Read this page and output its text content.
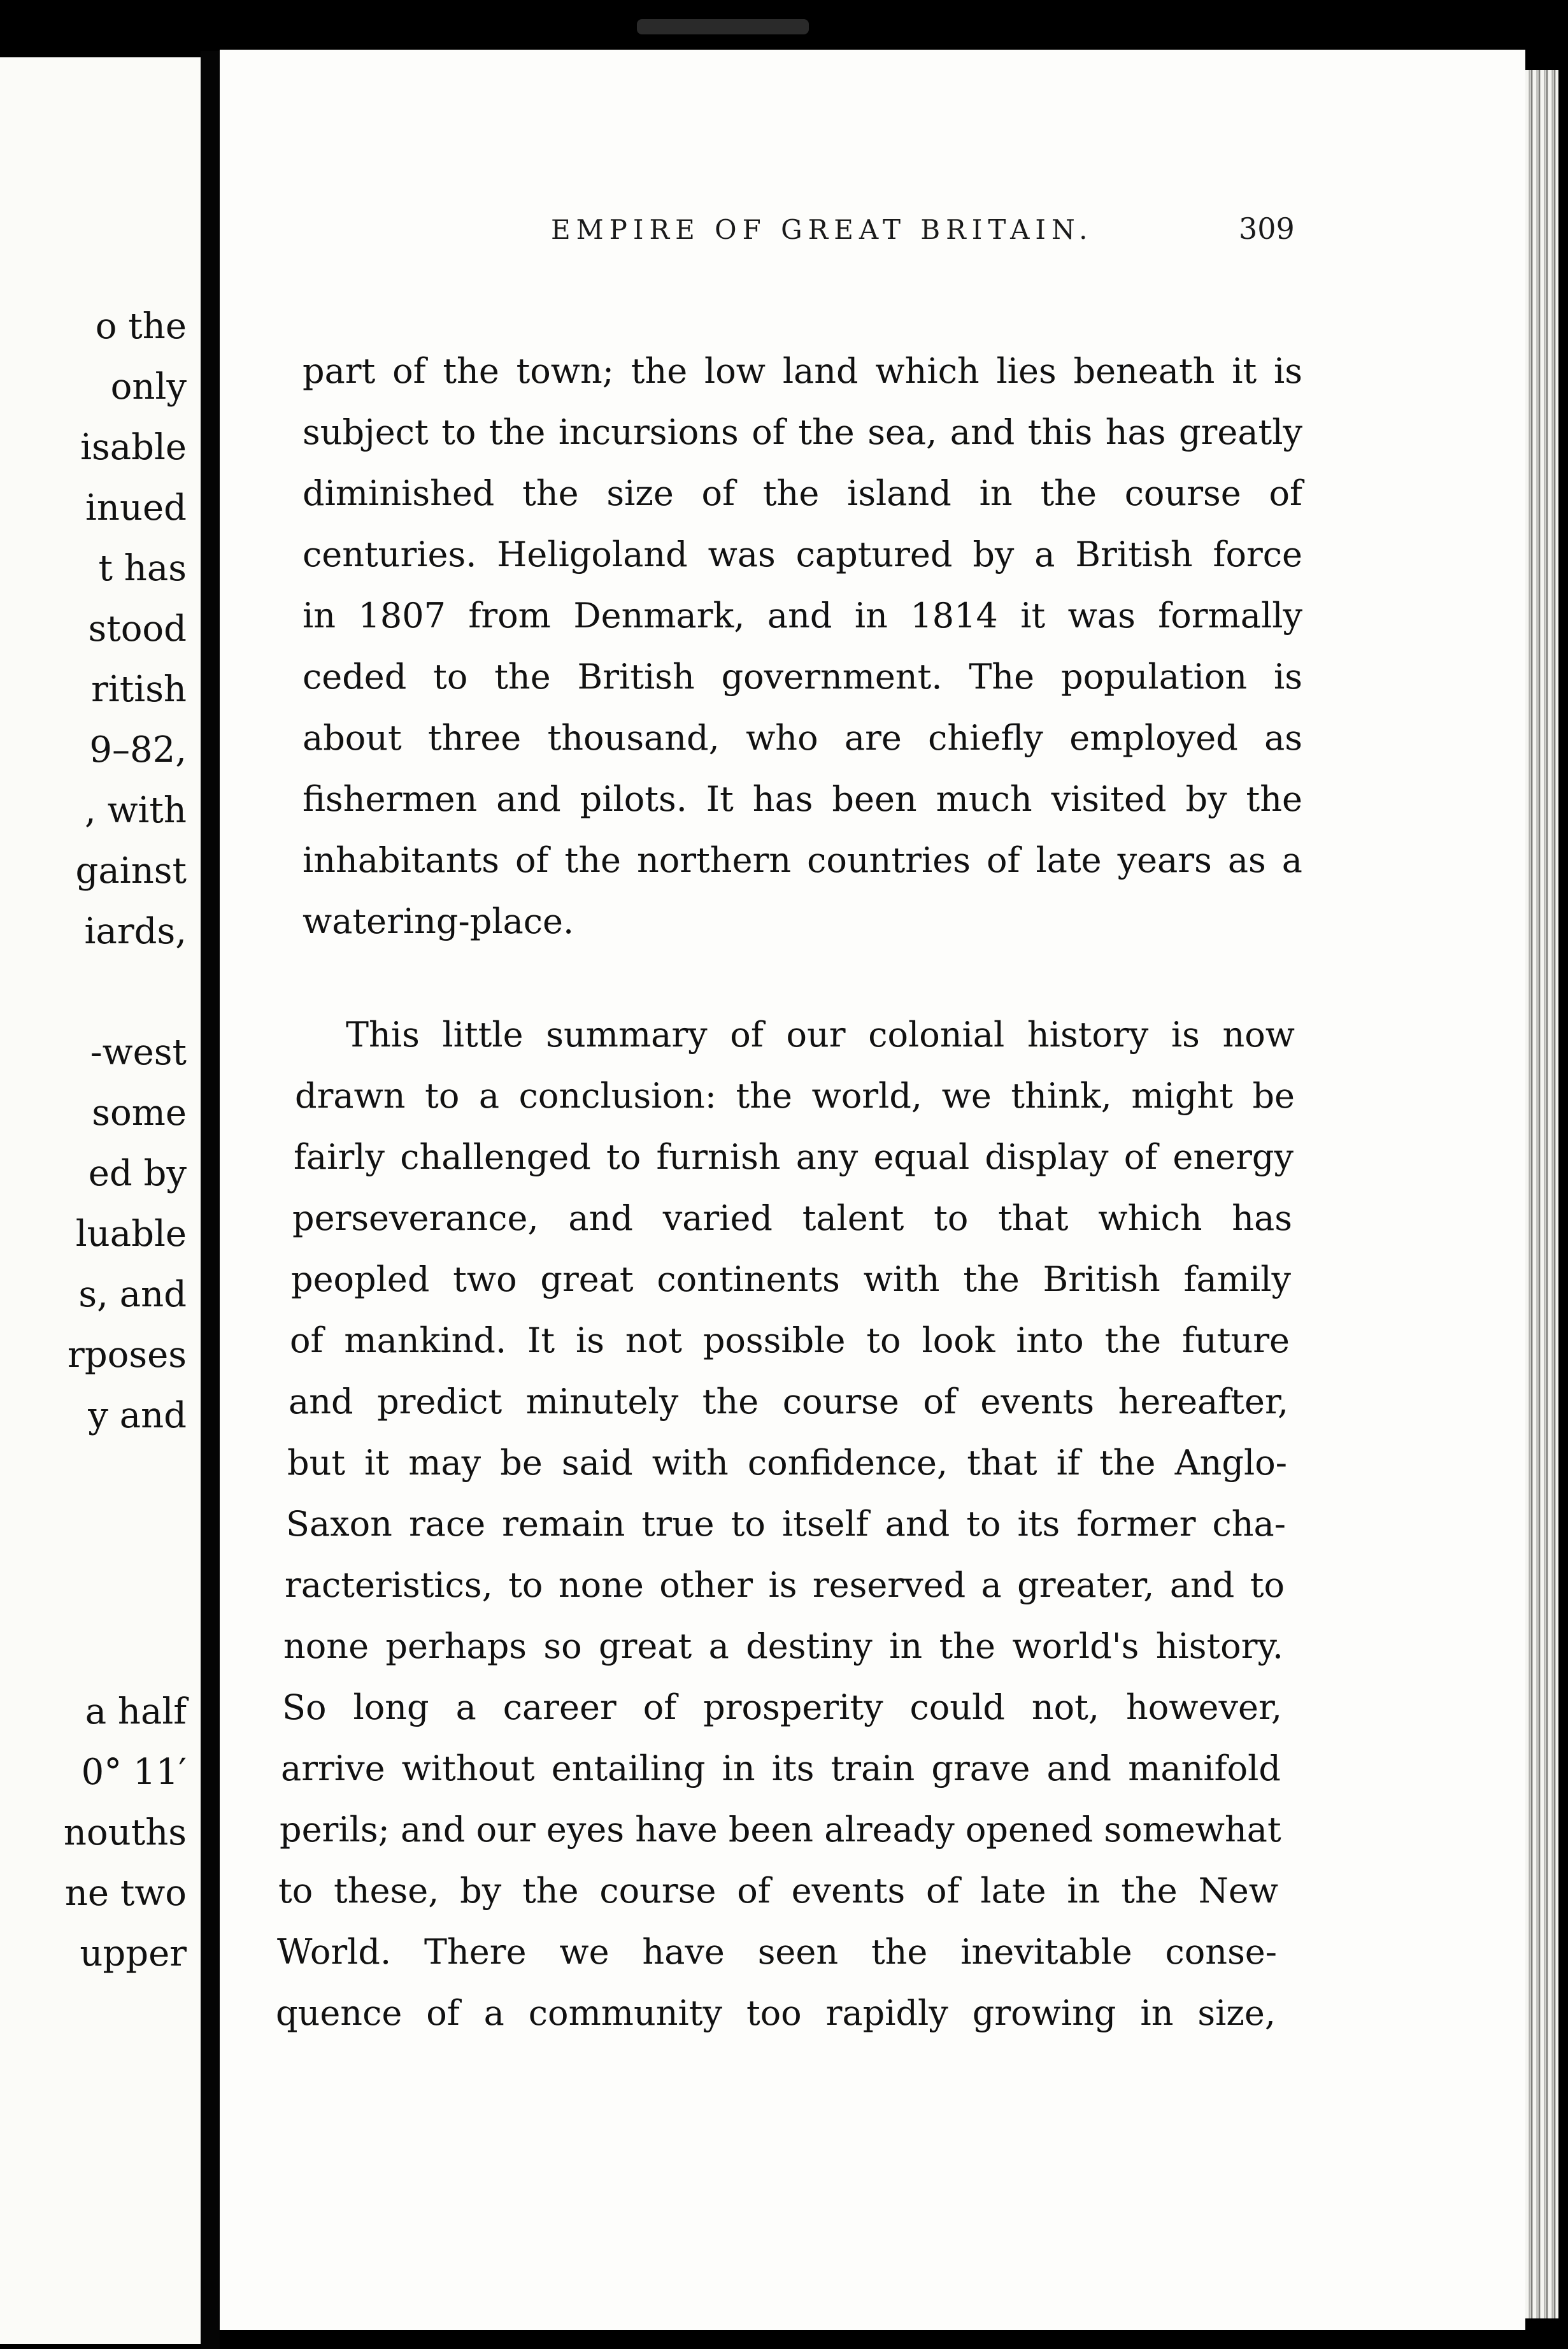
o the

only

isable

inued

t has

stood

ritish

9–82,

, with

gainst

iards,

-west

some

ed by

luable

s, and

rposes

y and

a half

0° 11′

nouths

ne two

upper

EMPIRE OF GREAT BRITAIN.	309

part of the town; the low land which lies beneath it is

subject to the incursions of the sea, and this has greatly

diminished the size of the island in the course of

centuries. Heligoland was captured by a British force

in 1807 from Denmark, and in 1814 it was formally

ceded to the British government. The population is

about three thousand, who are chiefly employed as

fishermen and pilots. It has been much visited by the

inhabitants of the northern countries of late years as a

watering-place.

This little summary of our colonial history is now

drawn to a conclusion: the world, we think, might be

fairly challenged to furnish any equal display of energy

perseverance, and varied talent to that which has

peopled two great continents with the British family

of mankind. It is not possible to look into the future

and predict minutely the course of events hereafter,

but it may be said with confidence, that if the Anglo-

Saxon race remain true to itself and to its former cha-

racteristics, to none other is reserved a greater, and to

none perhaps so great a destiny in the world's history.

So long a career of prosperity could not, however,

arrive without entailing in its train grave and manifold

perils; and our eyes have been already opened somewhat

to these, by the course of events of late in the New

World. There we have seen the inevitable conse-

quence of a community too rapidly growing in size,
